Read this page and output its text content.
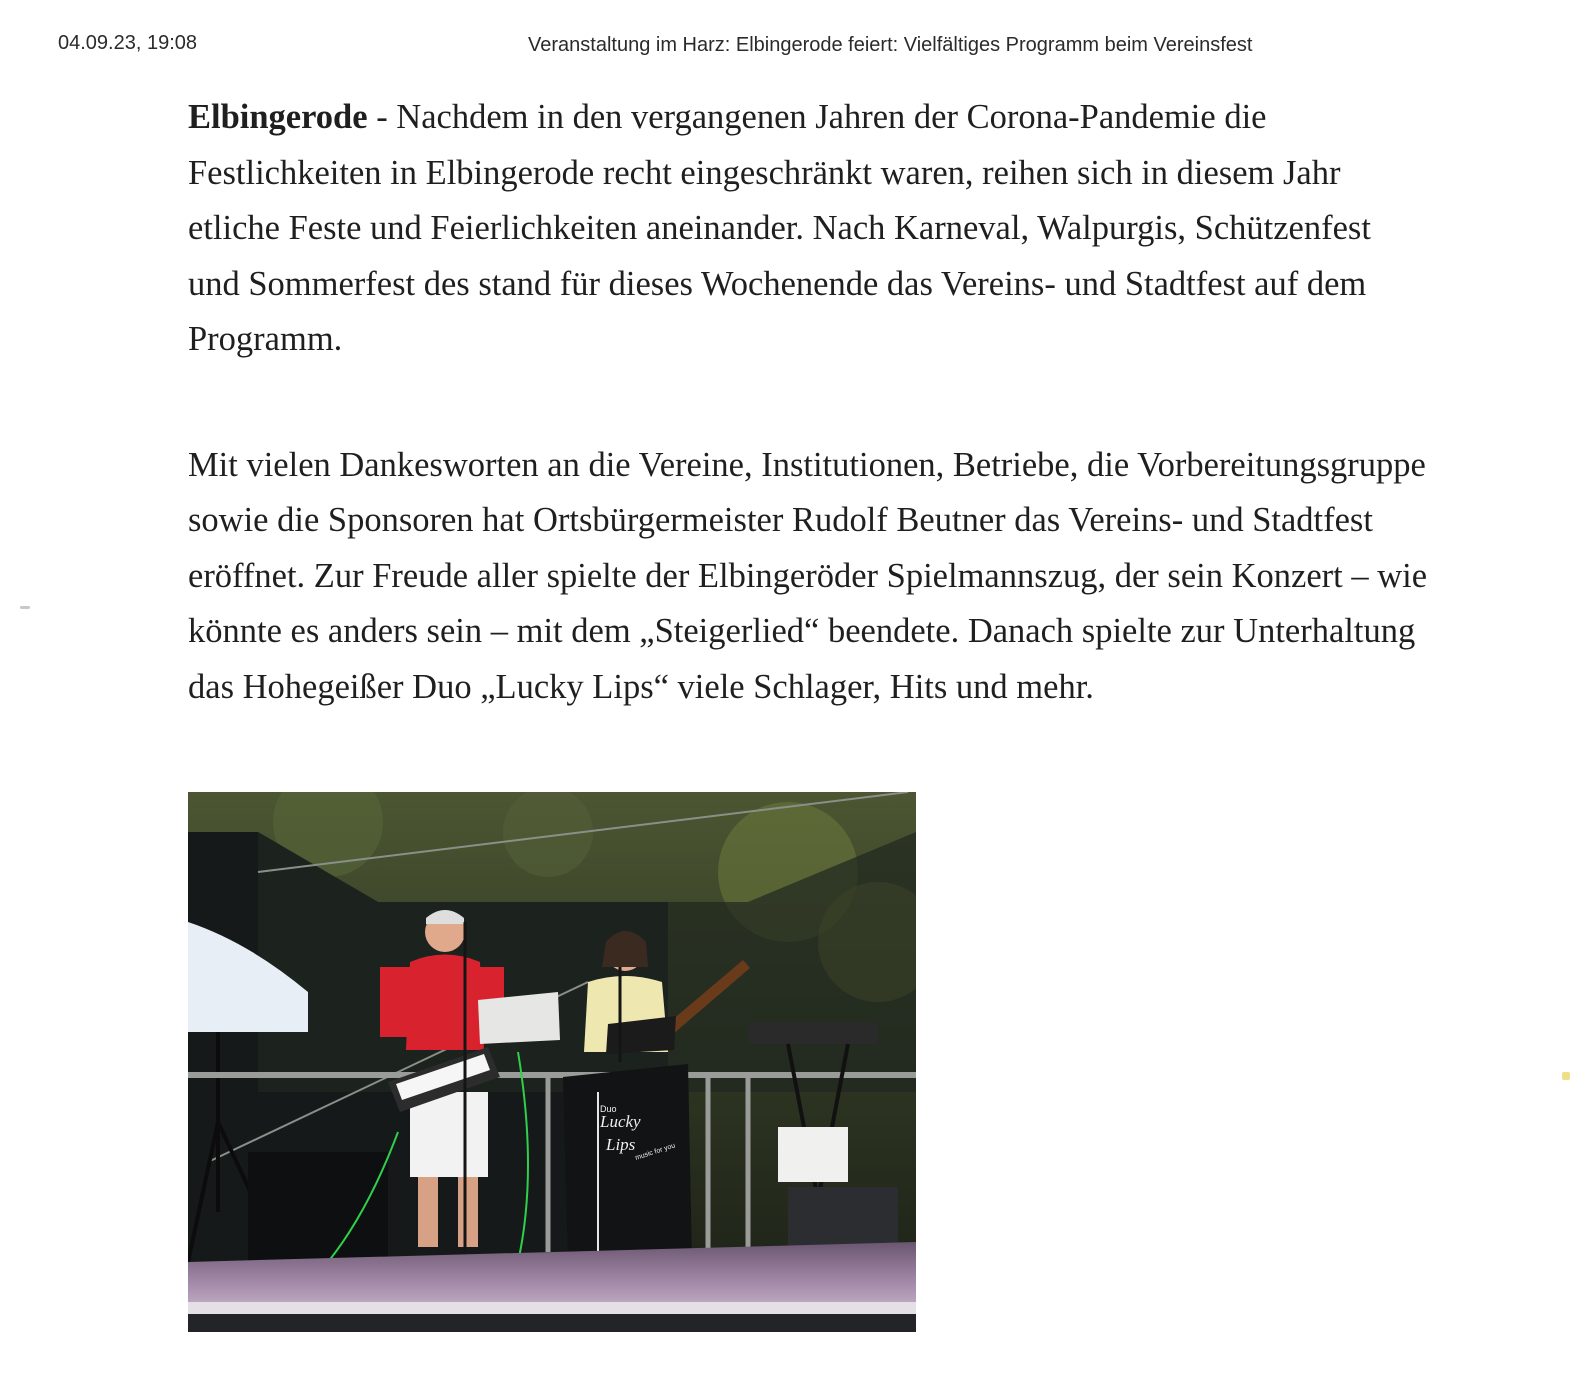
04.09.23, 19:08	Veranstaltung im Harz: Elbingerode feiert: Vielfältiges Programm beim Vereinsfest

Elbingerode - Nachdem in den vergangenen Jahren der Corona-Pandemie die Festlichkeiten in Elbingerode recht eingeschränkt waren, reihen sich in diesem Jahr etliche Feste und Feierlichkeiten aneinander. Nach Karneval, Walpurgis, Schützenfest und Sommerfest des stand für dieses Wochenende das Vereins- und Stadtfest auf dem Programm.

Mit vielen Dankesworten an die Vereine, Institutionen, Betriebe, die Vorbereitungsgruppe sowie die Sponsoren hat Ortsbürgermeister Rudolf Beutner das Vereins- und Stadtfest eröffnet. Zur Freude aller spielte der Elbingeröder Spielmannszug, der sein Konzert – wie könnte es anders sein – mit dem „Steigerlied“ beendete. Danach spielte zur Unterhaltung das Hohegeißer Duo „Lucky Lips“ viele Schlager, Hits und mehr.

Duo
Lucky
Lips music for you
